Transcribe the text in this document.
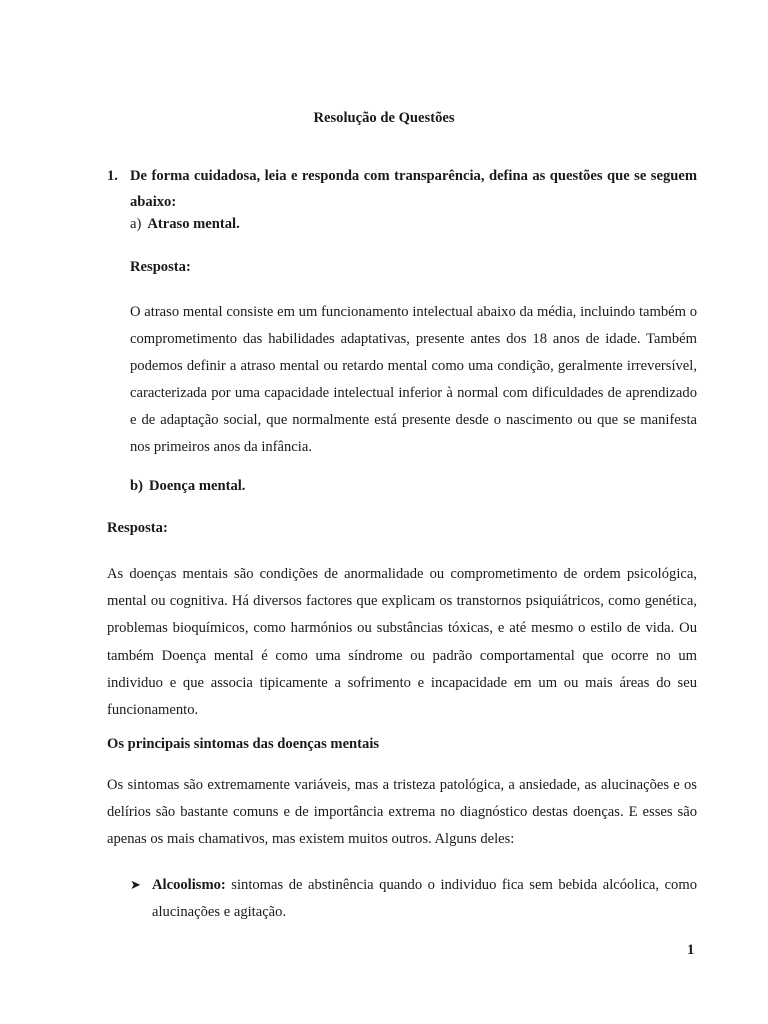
Resolução de Questões
1. De forma cuidadosa, leia e responda com transparência, defina as questões que se seguem abaixo:
a) Atraso mental.
Resposta:
O atraso mental consiste em um funcionamento intelectual abaixo da média, incluindo também o comprometimento das habilidades adaptativas, presente antes dos 18 anos de idade. Também podemos definir a atraso mental ou retardo mental como uma condição, geralmente irreversível, caracterizada por uma capacidade intelectual inferior à normal com dificuldades de aprendizado e de adaptação social, que normalmente está presente desde o nascimento ou que se manifesta nos primeiros anos da infância.
b) Doença mental.
Resposta:
As doenças mentais são condições de anormalidade ou comprometimento de ordem psicológica, mental ou cognitiva. Há diversos factores que explicam os transtornos psiquiátricos, como genética, problemas bioquímicos, como harmónios ou substâncias tóxicas, e até mesmo o estilo de vida. Ou também Doença mental é como uma síndrome ou padrão comportamental que ocorre no um individuo e que associa tipicamente a sofrimento e incapacidade em um ou mais áreas do seu funcionamento.
Os principais sintomas das doenças mentais
Os sintomas são extremamente variáveis, mas a tristeza patológica, a ansiedade, as alucinações e os delírios são bastante comuns e de importância extrema no diagnóstico destas doenças. E esses são apenas os mais chamativos, mas existem muitos outros. Alguns deles:
➤ Alcoolismo: sintomas de abstinência quando o individuo fica sem bebida alcóolica, como alucinações e agitação.
1
